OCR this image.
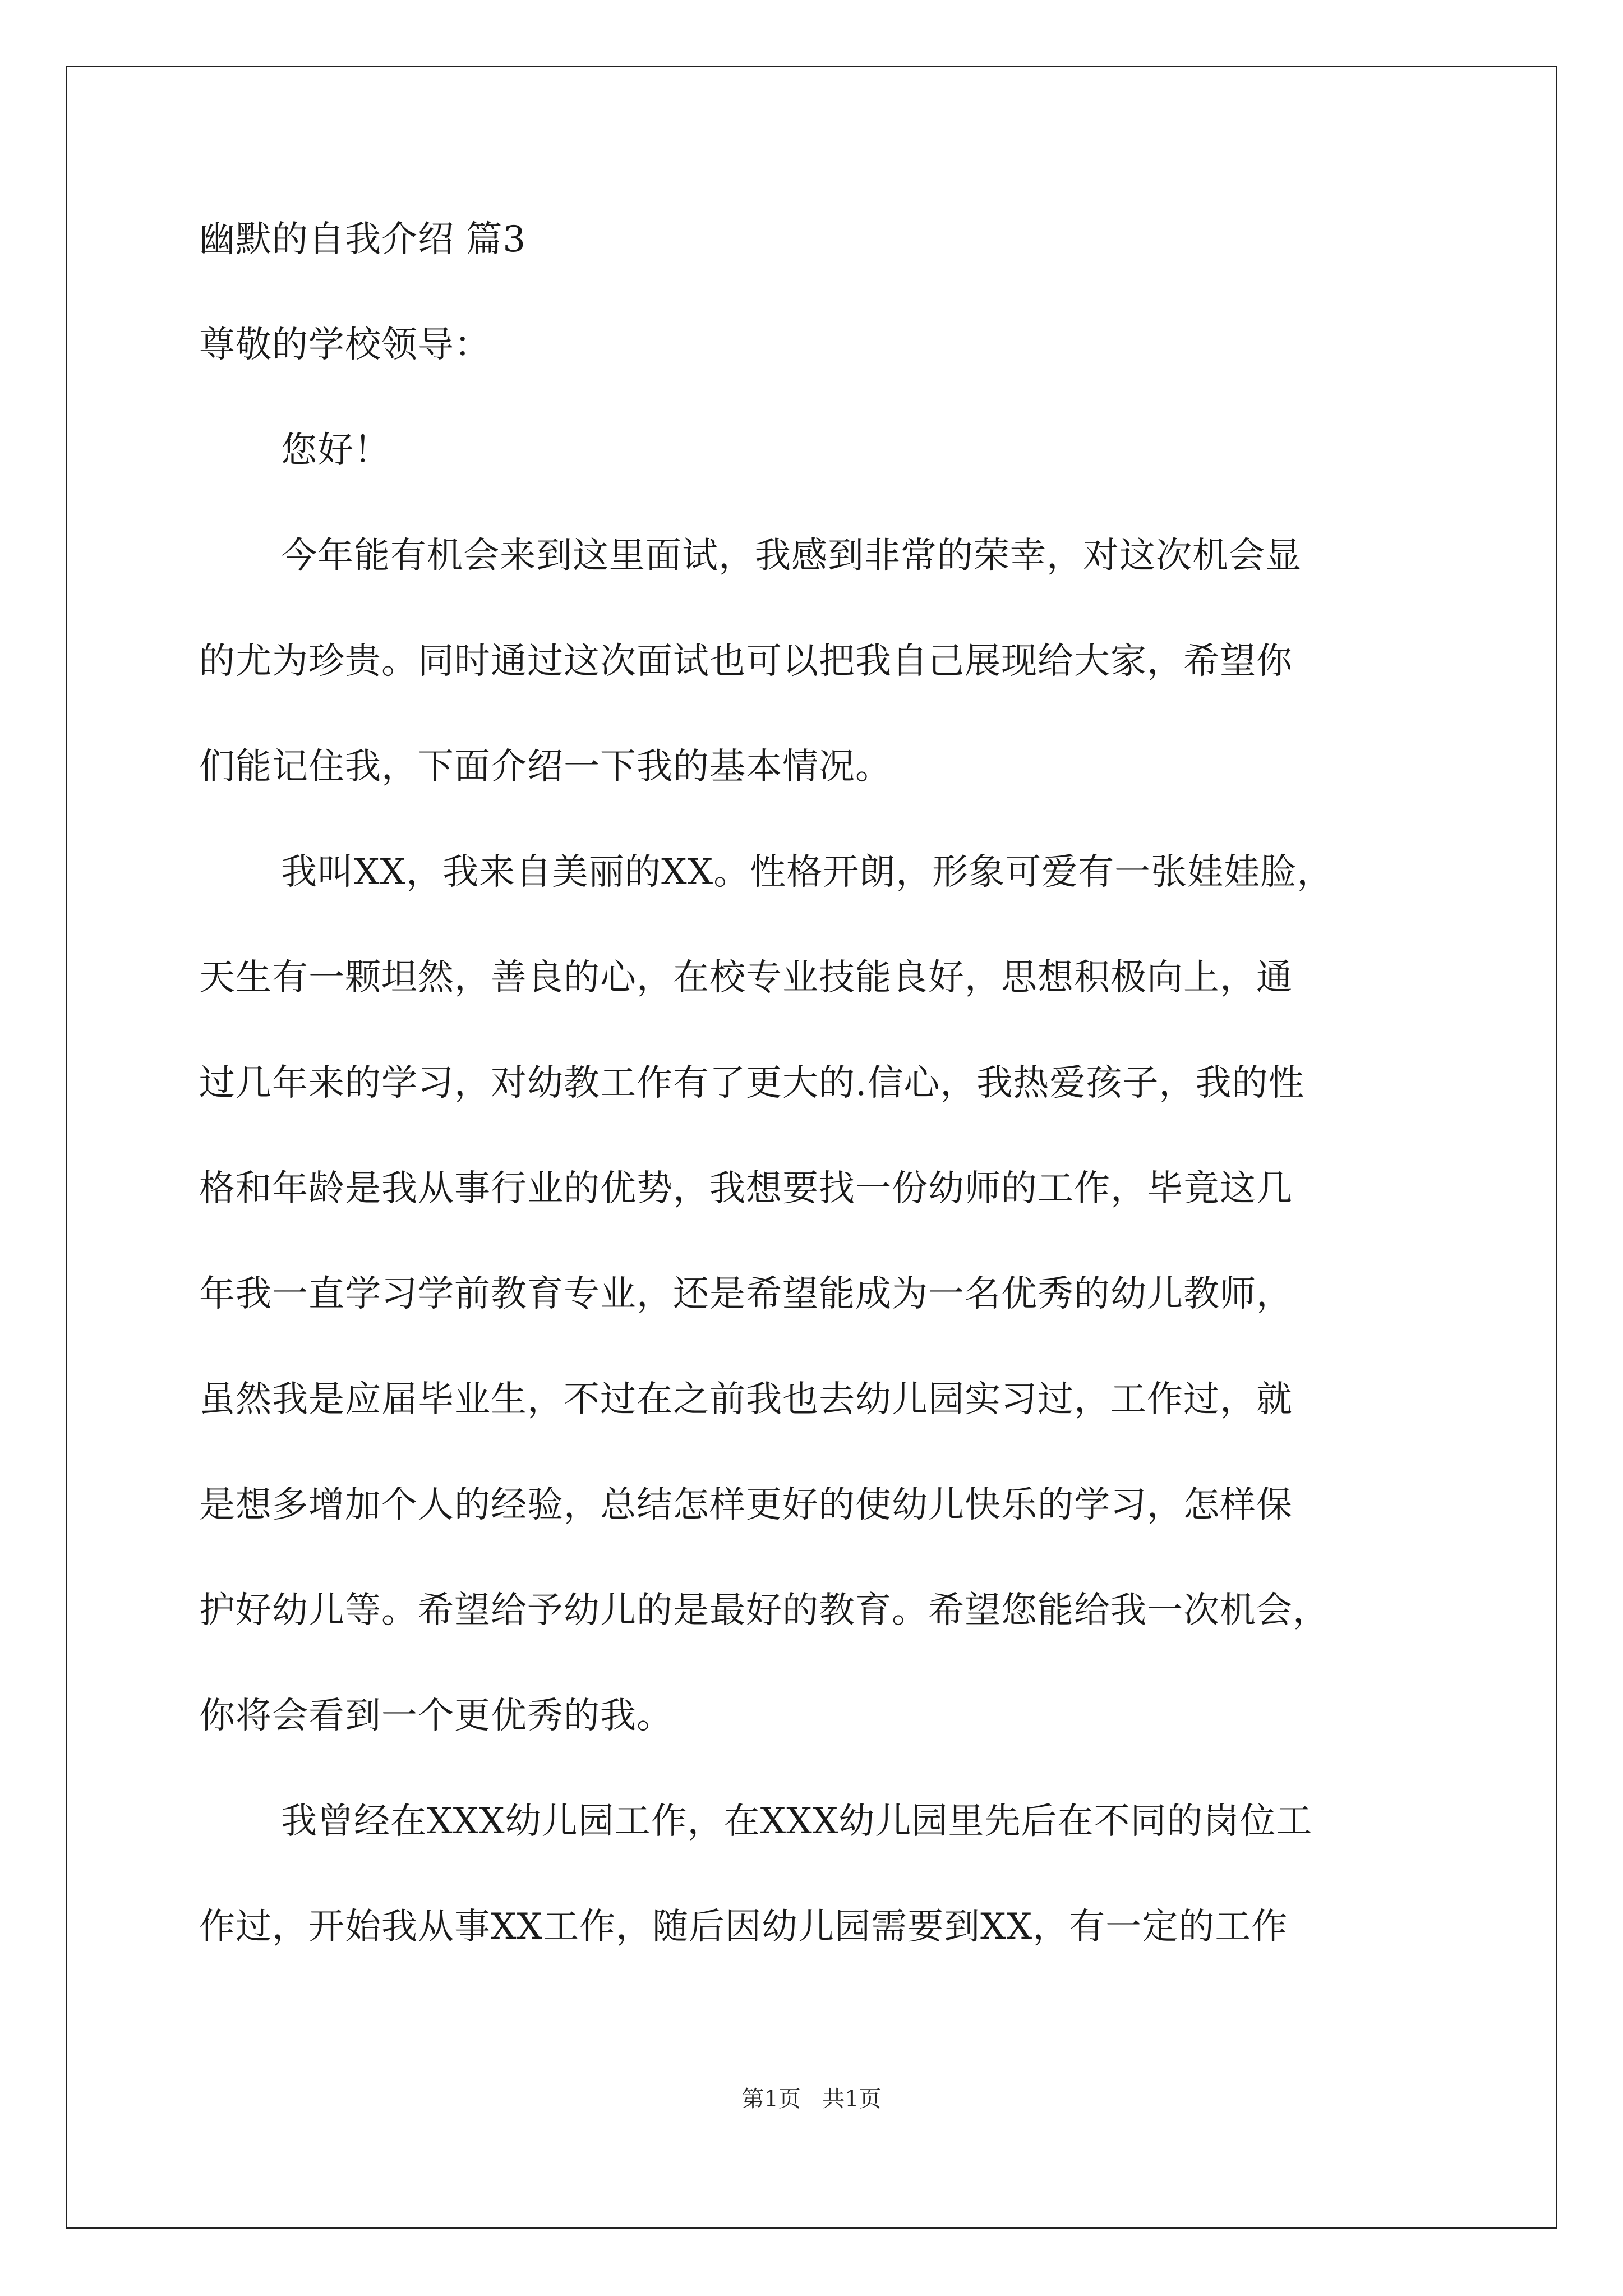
幽默的自我介绍 篇3
尊敬的学校领导：
您好！
今年能有机会来到这里面试，我感到非常的荣幸，对这次机会显
的尤为珍贵。同时通过这次面试也可以把我自己展现给大家，希望你
们能记住我，下面介绍一下我的基本情况。
我叫XX，我来自美丽的XX。性格开朗，形象可爱有一张娃娃脸，
天生有一颗坦然，善良的心，在校专业技能良好，思想积极向上，通
过几年来的学习，对幼教工作有了更大的.信心，我热爱孩子，我的性
格和年龄是我从事行业的优势，我想要找一份幼师的工作，毕竟这几
年我一直学习学前教育专业，还是希望能成为一名优秀的幼儿教师，
虽然我是应届毕业生，不过在之前我也去幼儿园实习过，工作过，就
是想多增加个人的经验，总结怎样更好的使幼儿快乐的学习，怎样保
护好幼儿等。希望给予幼儿的是最好的教育。希望您能给我一次机会，
你将会看到一个更优秀的我。
我曾经在XXX幼儿园工作，在XXX幼儿园里先后在不同的岗位工
作过，开始我从事XX工作，随后因幼儿园需要到XX，有一定的工作
第1页 共1页
